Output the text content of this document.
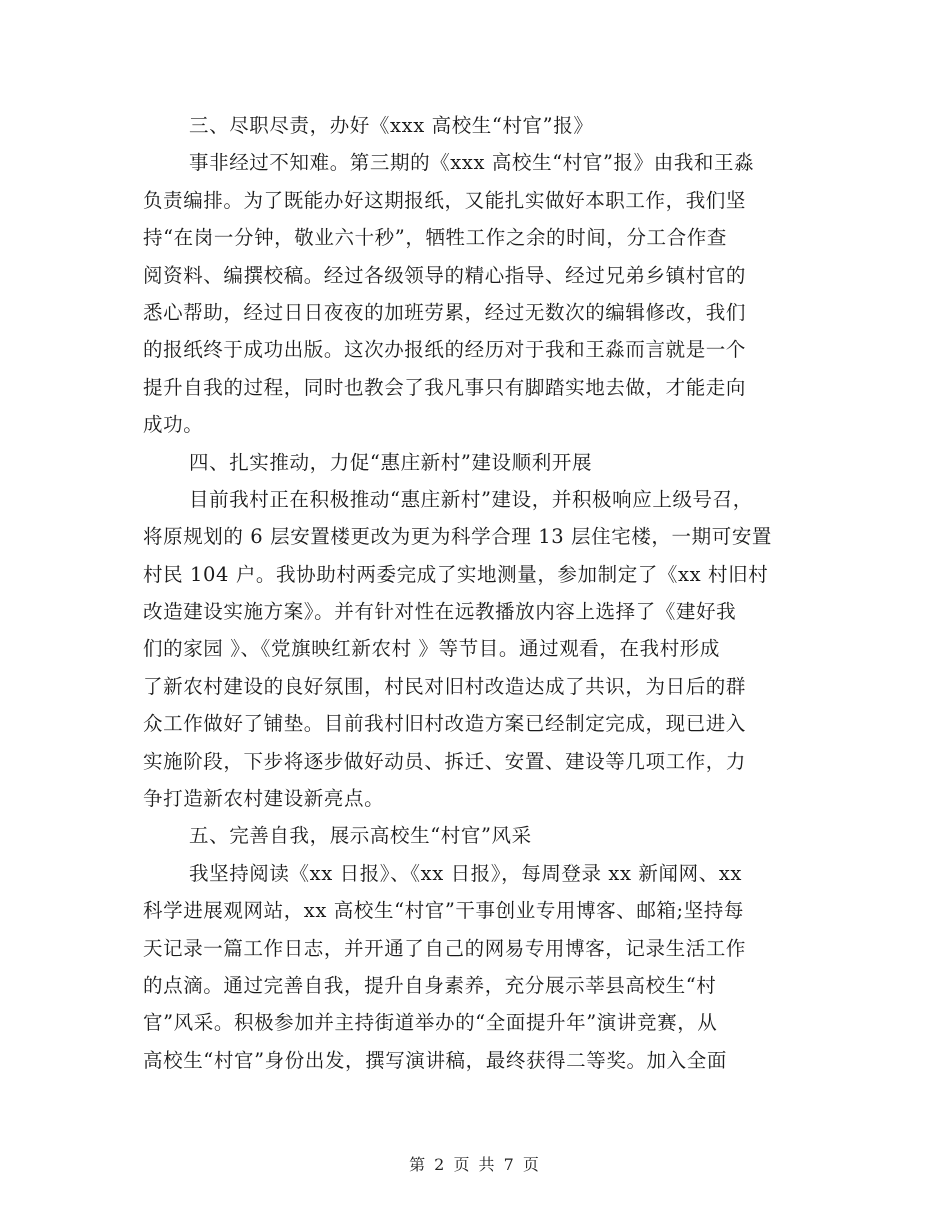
三、尽职尽责，办好《xxx 高校生“村官”报》
事非经过不知难。第三期的《xxx 高校生“村官”报》由我和王淼
负责编排。为了既能办好这期报纸，又能扎实做好本职工作，我们坚
持“在岗一分钟，敬业六十秒”，牺牲工作之余的时间，分工合作查
阅资料、编撰校稿。经过各级领导的精心指导、经过兄弟乡镇村官的
悉心帮助，经过日日夜夜的加班劳累，经过无数次的编辑修改，我们
的报纸终于成功出版。这次办报纸的经历对于我和王淼而言就是一个
提升自我的过程，同时也教会了我凡事只有脚踏实地去做，才能走向
成功。
四、扎实推动，力促“惠庄新村”建设顺利开展
目前我村正在积极推动“惠庄新村”建设，并积极响应上级号召，
将原规划的 6 层安置楼更改为更为科学合理 13 层住宅楼，一期可安置
村民 104 户。我协助村两委完成了实地测量，参加制定了《xx 村旧村
改造建设实施方案》。并有针对性在远教播放内容上选择了《建好我
们的家园 》、《党旗映红新农村 》等节目。通过观看，在我村形成
了新农村建设的良好氛围，村民对旧村改造达成了共识，为日后的群
众工作做好了铺垫。目前我村旧村改造方案已经制定完成，现已进入
实施阶段，下步将逐步做好动员、拆迁、安置、建设等几项工作，力
争打造新农村建设新亮点。
五、完善自我，展示高校生“村官”风采
我坚持阅读《xx 日报》、《xx 日报》，每周登录 xx 新闻网、xx
科学进展观网站，xx 高校生“村官”干事创业专用博客、邮箱;坚持每
天记录一篇工作日志，并开通了自己的网易专用博客，记录生活工作
的点滴。通过完善自我，提升自身素养，充分展示莘县高校生“村
官”风采。积极参加并主持街道举办的“全面提升年”演讲竞赛，从
高校生“村官”身份出发，撰写演讲稿，最终获得二等奖。加入全面
第 2 页 共 7 页
